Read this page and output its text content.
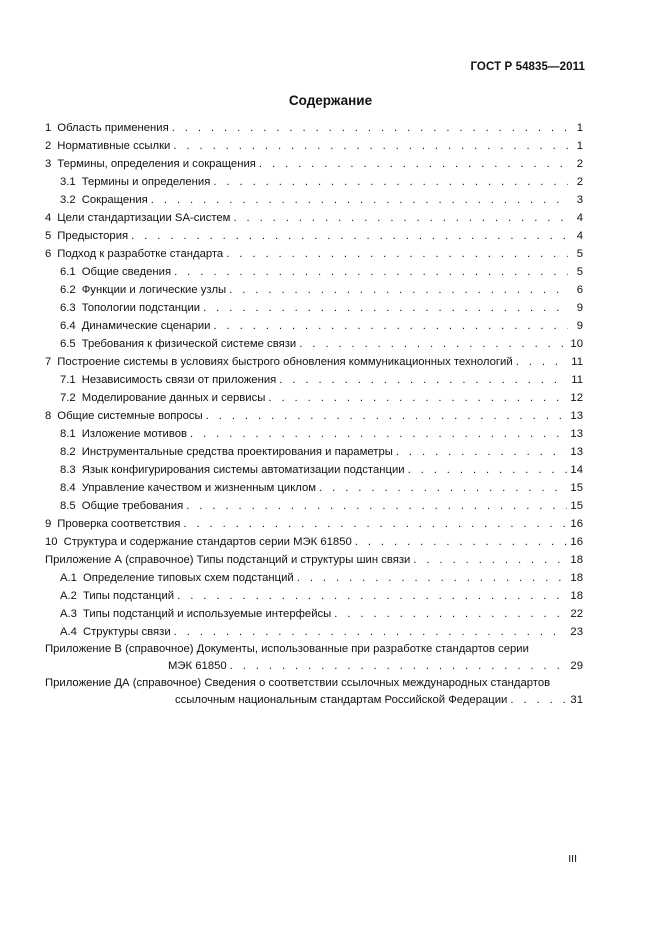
ГОСТ Р 54835—2011
Содержание
1 Область применения . . .	1
2 Нормативные ссылки . . .	1
3 Термины, определения и сокращения . . .	2
3.1 Термины и определения . . .	2
3.2 Сокращения . . .	3
4 Цели стандартизации SA-систем . . .	4
5 Предыстория . . .	4
6 Подход к разработке стандарта . . .	5
6.1 Общие сведения . . .	5
6.2 Функции и логические узлы . . .	6
6.3 Топологии подстанции . . .	9
6.4 Динамические сценарии . . .	9
6.5 Требования к физической системе связи . . .	10
7 Построение системы в условиях быстрого обновления коммуникационных технологий . . .	11
7.1 Независимость связи от приложения . . .	11
7.2 Моделирование данных и сервисы . . .	12
8 Общие системные вопросы . . .	13
8.1 Изложение мотивов . . .	13
8.2 Инструментальные средства проектирования и параметры . . .	13
8.3 Язык конфигурирования системы автоматизации подстанции . . .	14
8.4 Управление качеством и жизненным циклом . . .	15
8.5 Общие требования . . .	15
9 Проверка соответствия . . .	16
10 Структура и содержание стандартов серии МЭК 61850 . . .	16
Приложение А (справочное) Типы подстанций и структуры шин связи . . .	18
А.1 Определение типовых схем подстанций . . .	18
А.2 Типы подстанций . . .	18
А.3 Типы подстанций и используемые интерфейсы . . .	22
А.4 Структуры связи . . .	23
Приложение В (справочное) Документы, использованные при разработке стандартов серии
МЭК 61850 . . .	29
Приложение ДА (справочное) Сведения о соответствии ссылочных международных стандартов
ссылочным национальным стандартам Российской Федерации . . .	31
III
